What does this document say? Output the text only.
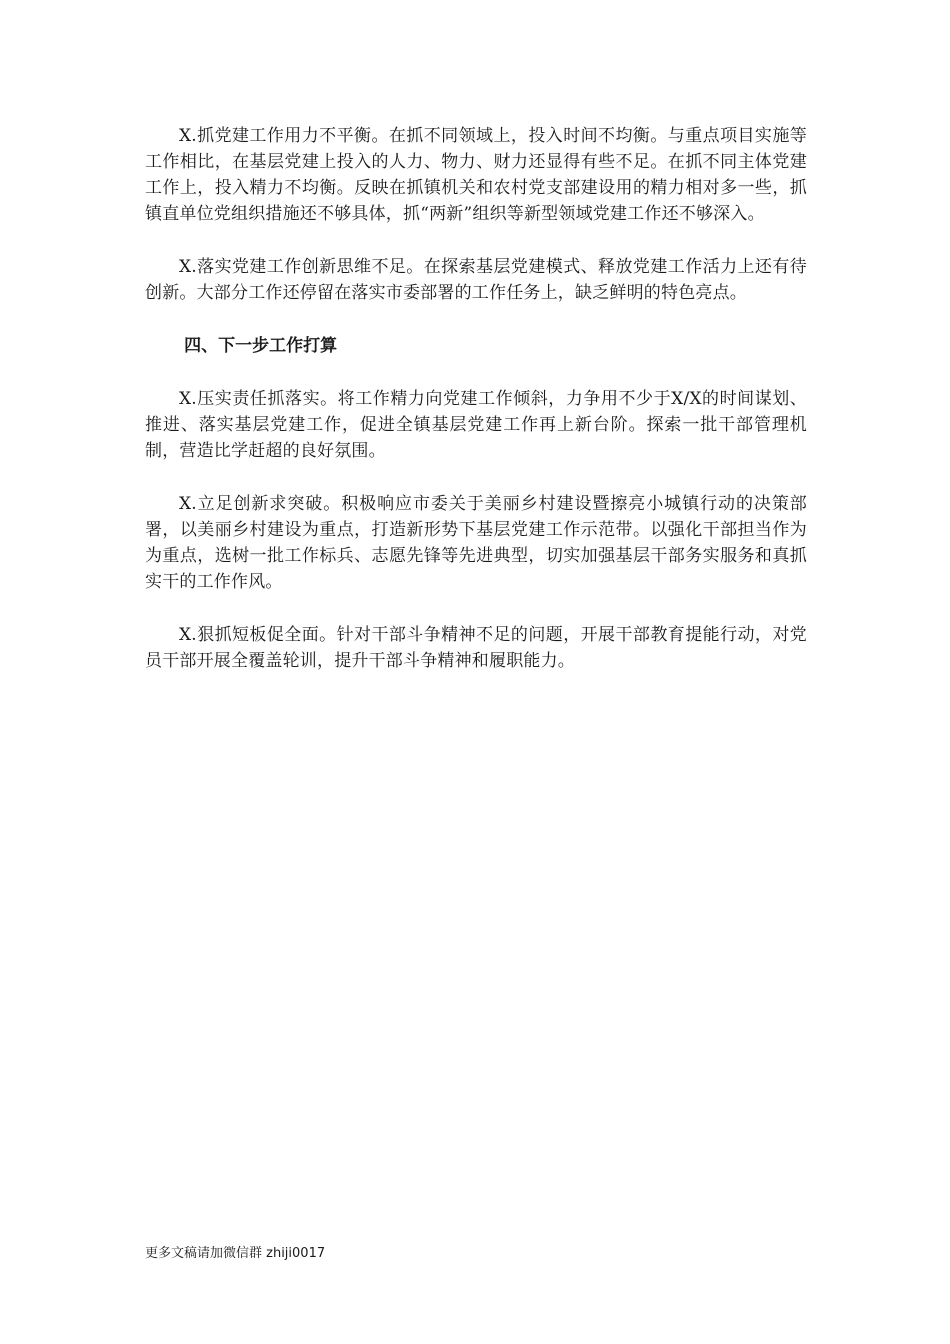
X.抓党建工作用力不平衡。在抓不同领域上，投入时间不均衡。与重点项目实施等工作相比，在基层党建上投入的人力、物力、财力还显得有些不足。在抓不同主体党建工作上，投入精力不均衡。反映在抓镇机关和农村党支部建设用的精力相对多一些，抓镇直单位党组织措施还不够具体，抓“两新”组织等新型领域党建工作还不够深入。

X.落实党建工作创新思维不足。在探索基层党建模式、释放党建工作活力上还有待创新。大部分工作还停留在落实市委部署的工作任务上，缺乏鲜明的特色亮点。

四、下一步工作打算

X.压实责任抓落实。将工作精力向党建工作倾斜，力争用不少于X/X的时间谋划、推进、落实基层党建工作，促进全镇基层党建工作再上新台阶。探索一批干部管理机制，营造比学赶超的良好氛围。

X.立足创新求突破。积极响应市委关于美丽乡村建设暨擦亮小城镇行动的决策部署，以美丽乡村建设为重点，打造新形势下基层党建工作示范带。以强化干部担当作为为重点，选树一批工作标兵、志愿先锋等先进典型，切实加强基层干部务实服务和真抓实干的工作作风。

X.狠抓短板促全面。针对干部斗争精神不足的问题，开展干部教育提能行动，对党员干部开展全覆盖轮训，提升干部斗争精神和履职能力。

更多文稿请加微信群 zhiji0017
